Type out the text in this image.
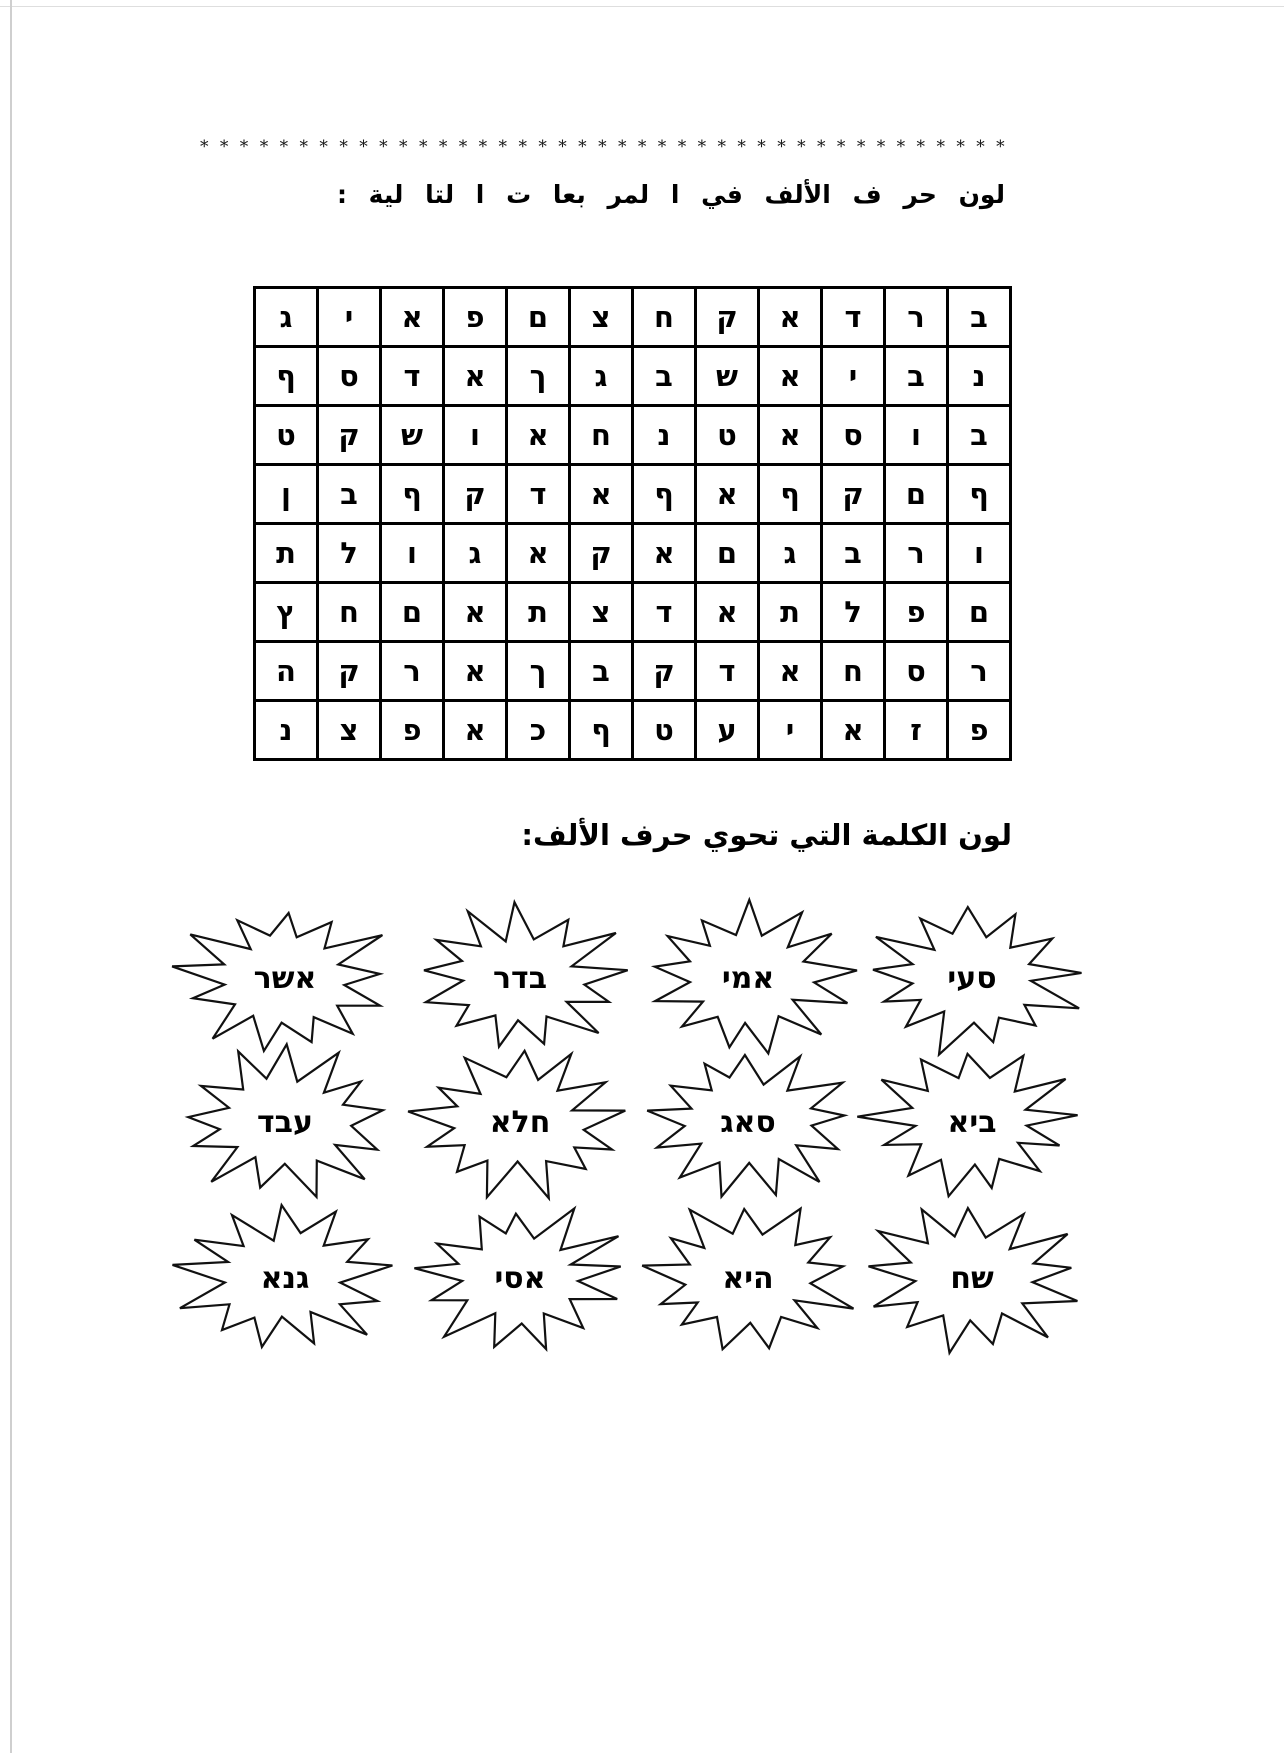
* * * * * * * * * * * * * * * * * * * * * * * * * * * * * * * * * * * * * * * * *
لون حر ف الألف في ا لمر بعا ت ا لتا لية :
ג	י	א	פ	ם	צ	ח	ק	א	ד	ר	ב
ף	ס	ד	א	ך	ג	ב	ש	א	י	ב	נ
ט	ק	ש	ו	א	ח	נ	ט	א	ס	ו	ב
ן	ב	ף	ק	ד	א	ף	א	ף	ק	ם	ף
ת	ל	ו	ג	א	ק	א	ם	ג	ב	ר	ו
ץ	ח	ם	א	ת	צ	ד	א	ת	ל	פ	ם
ה	ק	ר	א	ך	ב	ק	ד	א	ח	ס	ר
נ	צ	פ	א	כ	ף	ט	ע	י	א	ז	פ
لون الكلمة التي تحوي حرف الألف:
אשר	בדר	אמי	סעי
עבד	חלא	סאג	ביא
גנא	אסי	היא	שח
